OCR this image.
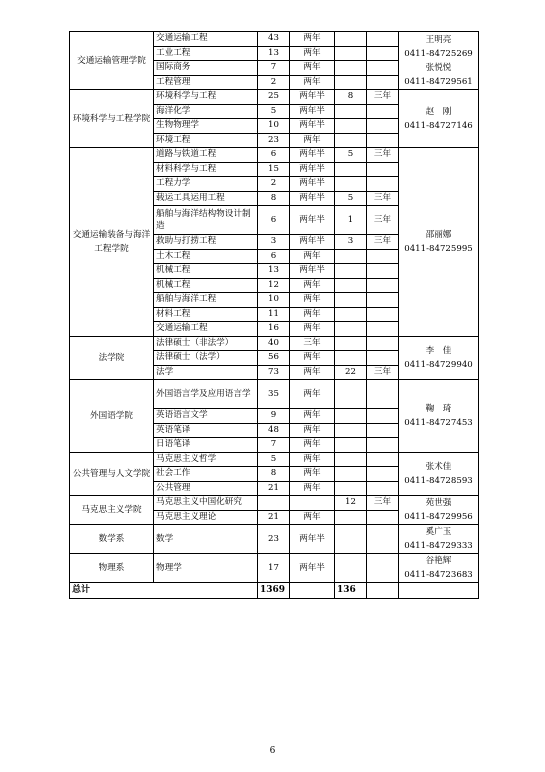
交通运输管理学院	交通运输工程	43	两年			王明亮
0411-84725269
张悦悦
0411-84729561

	工业工程	13	两年			
	国际商务	7	两年			
	工程管理	2	两年			
环境科学与工程学院	环境科学与工程	25	两年半	8	三年	赵　刚
0411-84727146

	海洋化学	5	两年半			
	生物物理学	10	两年半			
	环境工程	23	两年			
交通运输装备与海洋工程学院	道路与铁道工程	6	两年半	5	三年	邵丽娜
0411-84725995

	材料科学与工程	15	两年半			
	工程力学	2	两年半			
	载运工具运用工程	8	两年半	5	三年	
	船舶与海洋结构物设计制造	6	两年半	1	三年	
	救助与打捞工程	3	两年半	3	三年	
	土木工程	6	两年			
	机械工程	13	两年半			
	机械工程	12	两年			
	船舶与海洋工程	10	两年			
	材料工程	11	两年			
	交通运输工程	16	两年			
法学院	法律硕士（非法学）	40	三年			李　佳
0411-84729940

	法律硕士（法学）	56	两年			
	法学	73	两年	22	三年	
外国语学院	外国语言学及应用语言学	35	两年			鞠　琦
0411-84727453

	英语语言文学	9	两年			
	英语笔译	48	两年			
	日语笔译	7	两年			
公共管理与人文学院	马克思主义哲学	5	两年			张术佳
0411-84728593

	社会工作	8	两年			
	公共管理	21	两年			
马克思主义学院	马克思主义中国化研究			12	三年	苑世强
0411-84729956

	马克思主义理论	21	两年			
数学系	数学	23	两年半			奚广玉
0411-84729333

物理系	物理学	17	两年半			谷艳辉
0411-84723683

总计		1369		136		
6
